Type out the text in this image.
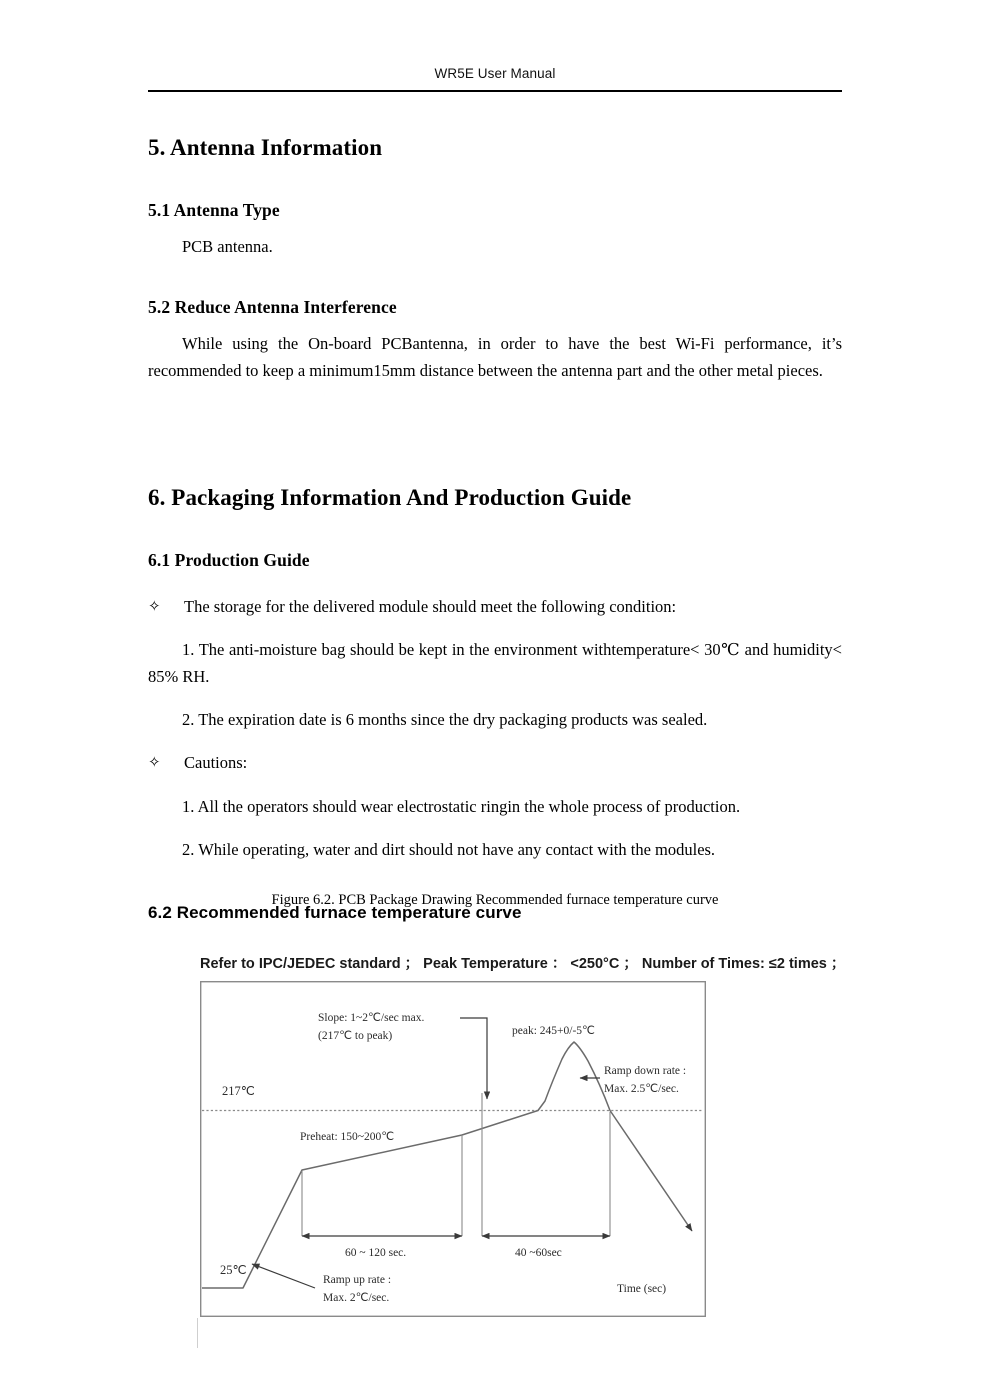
WR5E User Manual
5. Antenna Information
5.1 Antenna Type

PCB antenna.

5.2 Reduce Antenna Interference

While using the On-board PCBantenna, in order to have the best Wi-Fi performance, it’s recommended to keep a minimum15mm distance between the antenna part and the other metal pieces.

6. Packaging Information And Production Guide
6.1 Production Guide
✧	The storage for the delivered module should meet the following condition:

1. The anti-moisture bag should be kept in the environment withtemperature< 30℃ and humidity< 85% RH.

2. The expiration date is 6 months since the dry packaging products was sealed.

✧	Cautions:

1. All the operators should wear electrostatic ringin the whole process of production.

2. While operating, water and dirt should not have any contact with the modules.

6.2 Recommended furnace temperature curve
Figure 6.2. PCB Package Drawing Recommended furnace temperature curve
Refer to IPC/JEDEC standard ； Peak Temperature ： <250°C ； Number of Times: ≤2 times ；
Slope: 1~2℃/sec max.
(217℃ to peak)	peak: 245+0/-5℃
Ramp down rate :
Max. 2.5℃/sec.
217℃
Preheat: 150~200℃
60 ~ 120 sec.	40 ~60sec
25℃
Ramp up rate :
Max. 2℃/sec.
Time (sec)
